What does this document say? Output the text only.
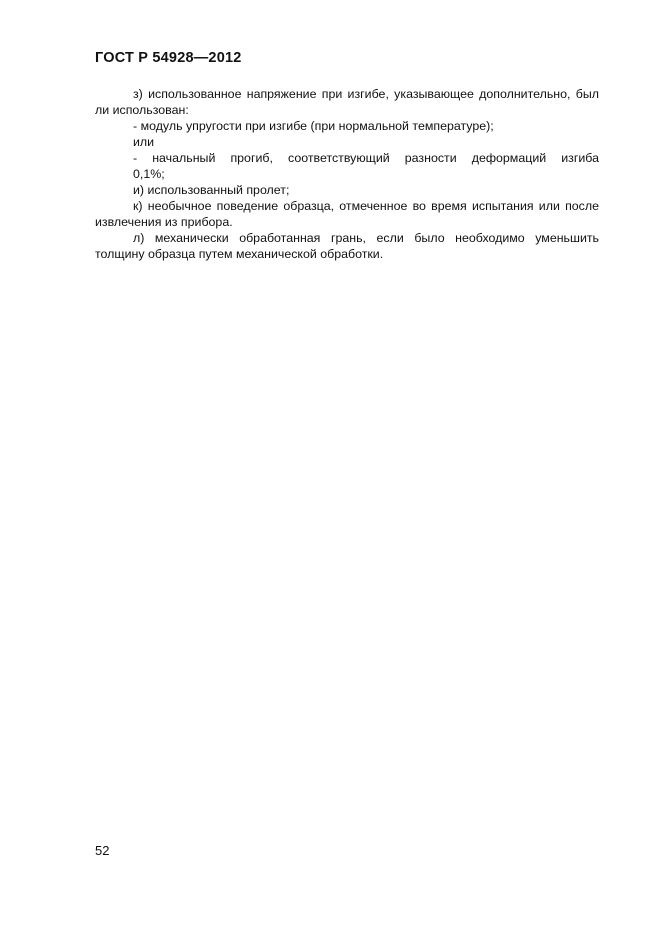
ГОСТ Р 54928—2012

з) использованное напряжение при изгибе, указывающее дополнительно, был ли использован:

- модуль упругости при изгибе (при нормальной температуре);

или

- начальный прогиб, соответствующий разности деформаций изгиба

0,1%;

и) использованный пролет;

к) необычное поведение образца, отмеченное во время испытания или после извлечения из прибора.

л) механически обработанная грань, если было необходимо уменьшить толщину образца путем механической обработки.

52
